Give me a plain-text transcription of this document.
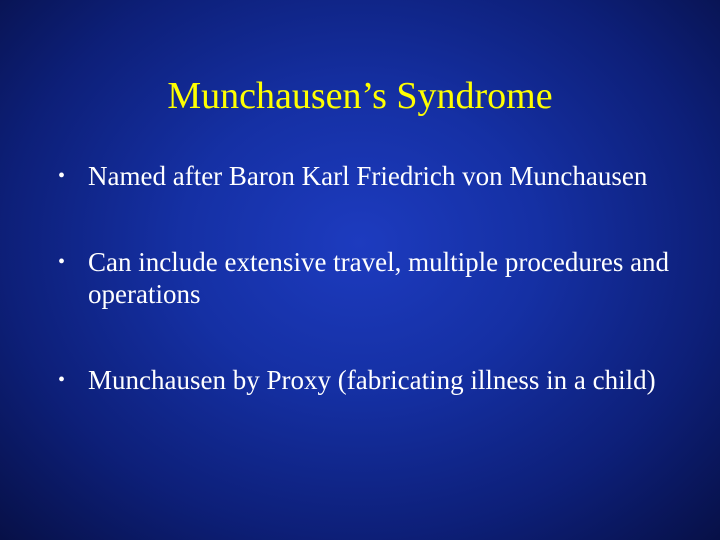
Munchausen’s Syndrome
• Named after Baron Karl Friedrich von Munchausen
• Can include extensive travel, multiple procedures and operations
• Munchausen by Proxy (fabricating illness in a child)
